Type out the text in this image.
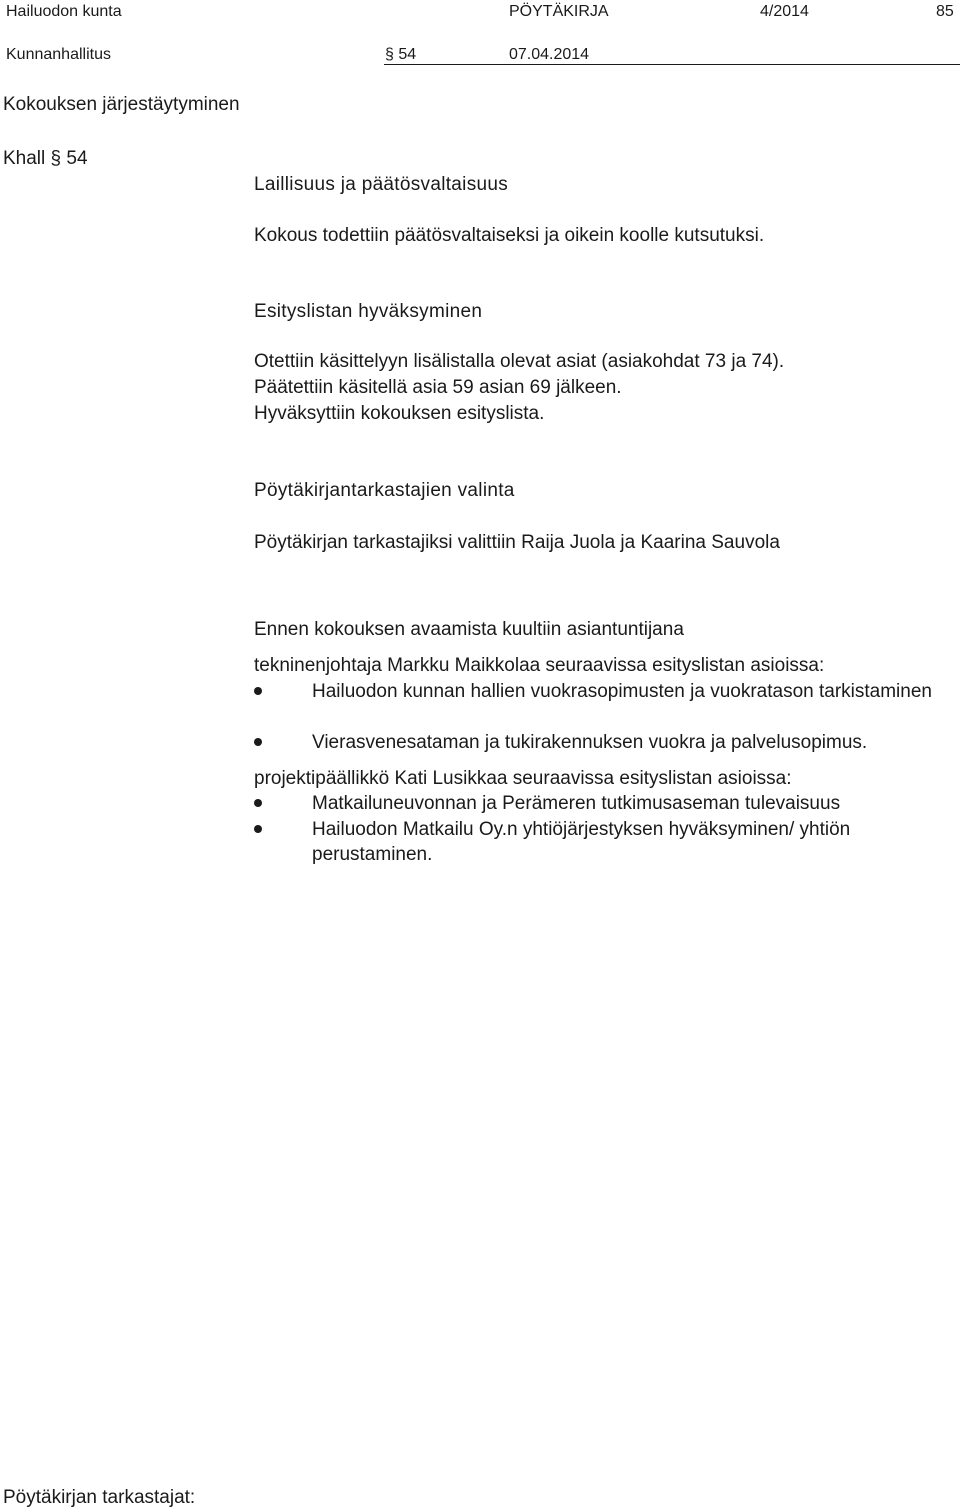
Hailuodon kunta	PÖYTÄKIRJA	4/2014	85
Kunnanhallitus	§ 54	07.04.2014
Kokouksen järjestäytyminen
Khall § 54
Laillisuus ja päätösvaltaisuus
Kokous todettiin päätösvaltaiseksi ja oikein koolle kutsutuksi.
Esityslistan hyväksyminen
Otettiin käsittelyyn lisälistalla olevat asiat (asiakohdat 73 ja 74).
Päätettiin käsitellä asia 59 asian 69 jälkeen.
Hyväksyttiin kokouksen esityslista.
Pöytäkirjantarkastajien valinta
Pöytäkirjan tarkastajiksi valittiin Raija Juola ja Kaarina Sauvola
Ennen kokouksen avaamista kuultiin asiantuntijana
tekninenjohtaja Markku Maikkolaa seuraavissa esityslistan asioissa:
Hailuodon kunnan hallien vuokrasopimusten ja vuokratason tarkistaminen
Vierasvenesataman ja tukirakennuksen vuokra ja palvelusopimus.
projektipäällikkö Kati Lusikkaa seuraavissa esityslistan asioissa:
Matkailuneuvonnan ja Perämeren tutkimusaseman tulevaisuus
Hailuodon Matkailu Oy.n yhtiöjärjestyksen hyväksyminen/ yhtiön perustaminen.
Pöytäkirjan tarkastajat:
